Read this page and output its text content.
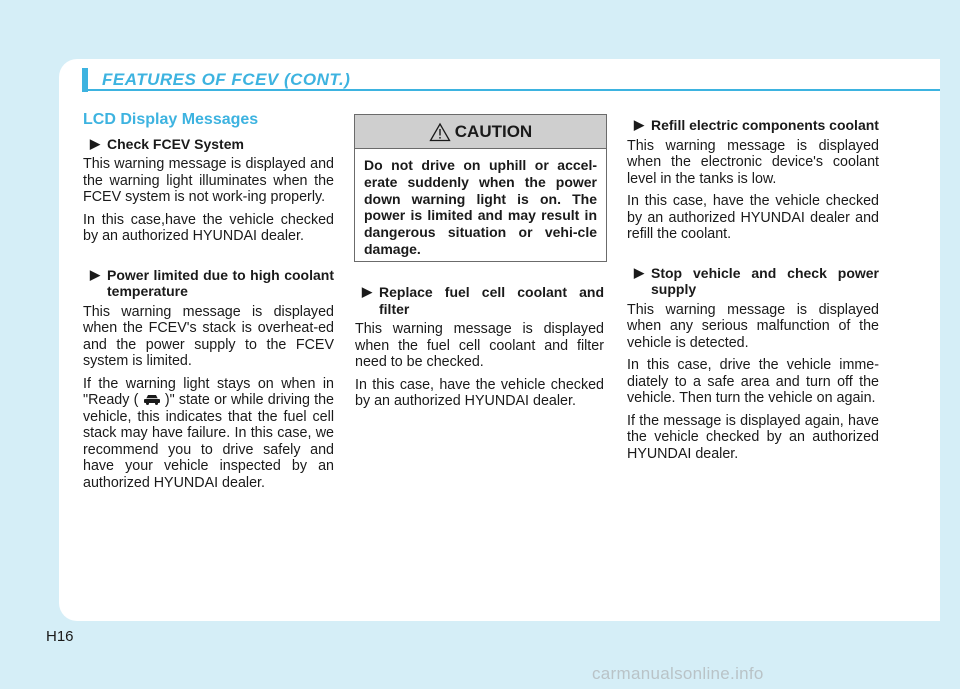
FEATURES OF FCEV (CONT.)
LCD Display Messages
▶ Check FCEV System

This warning message is displayed and the warning light illuminates when the FCEV system is not work-ing properly.

In this case,have the vehicle checked by an authorized HYUNDAI dealer.

▶ Power limited due to high coolant temperature

This warning message is displayed when the FCEV's stack is overheat-ed and the power supply to the FCEV system is limited.

If the warning light stays on when in "Ready ( )" state or while driving the vehicle, this indicates that the fuel cell stack may have failure. In this case, we recommend you to drive safely and have your vehicle inspected by an authorized HYUNDAI dealer.

CAUTION
Do not drive on uphill or accel-erate suddenly when the power down warning light is on. The power is limited and may result in dangerous situation or vehi-cle damage.
▶ Replace fuel cell coolant and filter

This warning message is displayed when the fuel cell coolant and filter need to be checked.

In this case, have the vehicle checked by an authorized HYUNDAI dealer.

▶ Refill electric components coolant

This warning message is displayed when the electronic device's coolant level in the tanks is low.

In this case, have the vehicle checked by an authorized HYUNDAI dealer and refill the coolant.

▶ Stop vehicle and check power supply

This warning message is displayed when any serious malfunction of the vehicle is detected.

In this case, drive the vehicle imme-diately to a safe area and turn off the vehicle. Then turn the vehicle on again.

If the message is displayed again, have the vehicle checked by an authorized HYUNDAI dealer.

H16
carmanualsonline.info
